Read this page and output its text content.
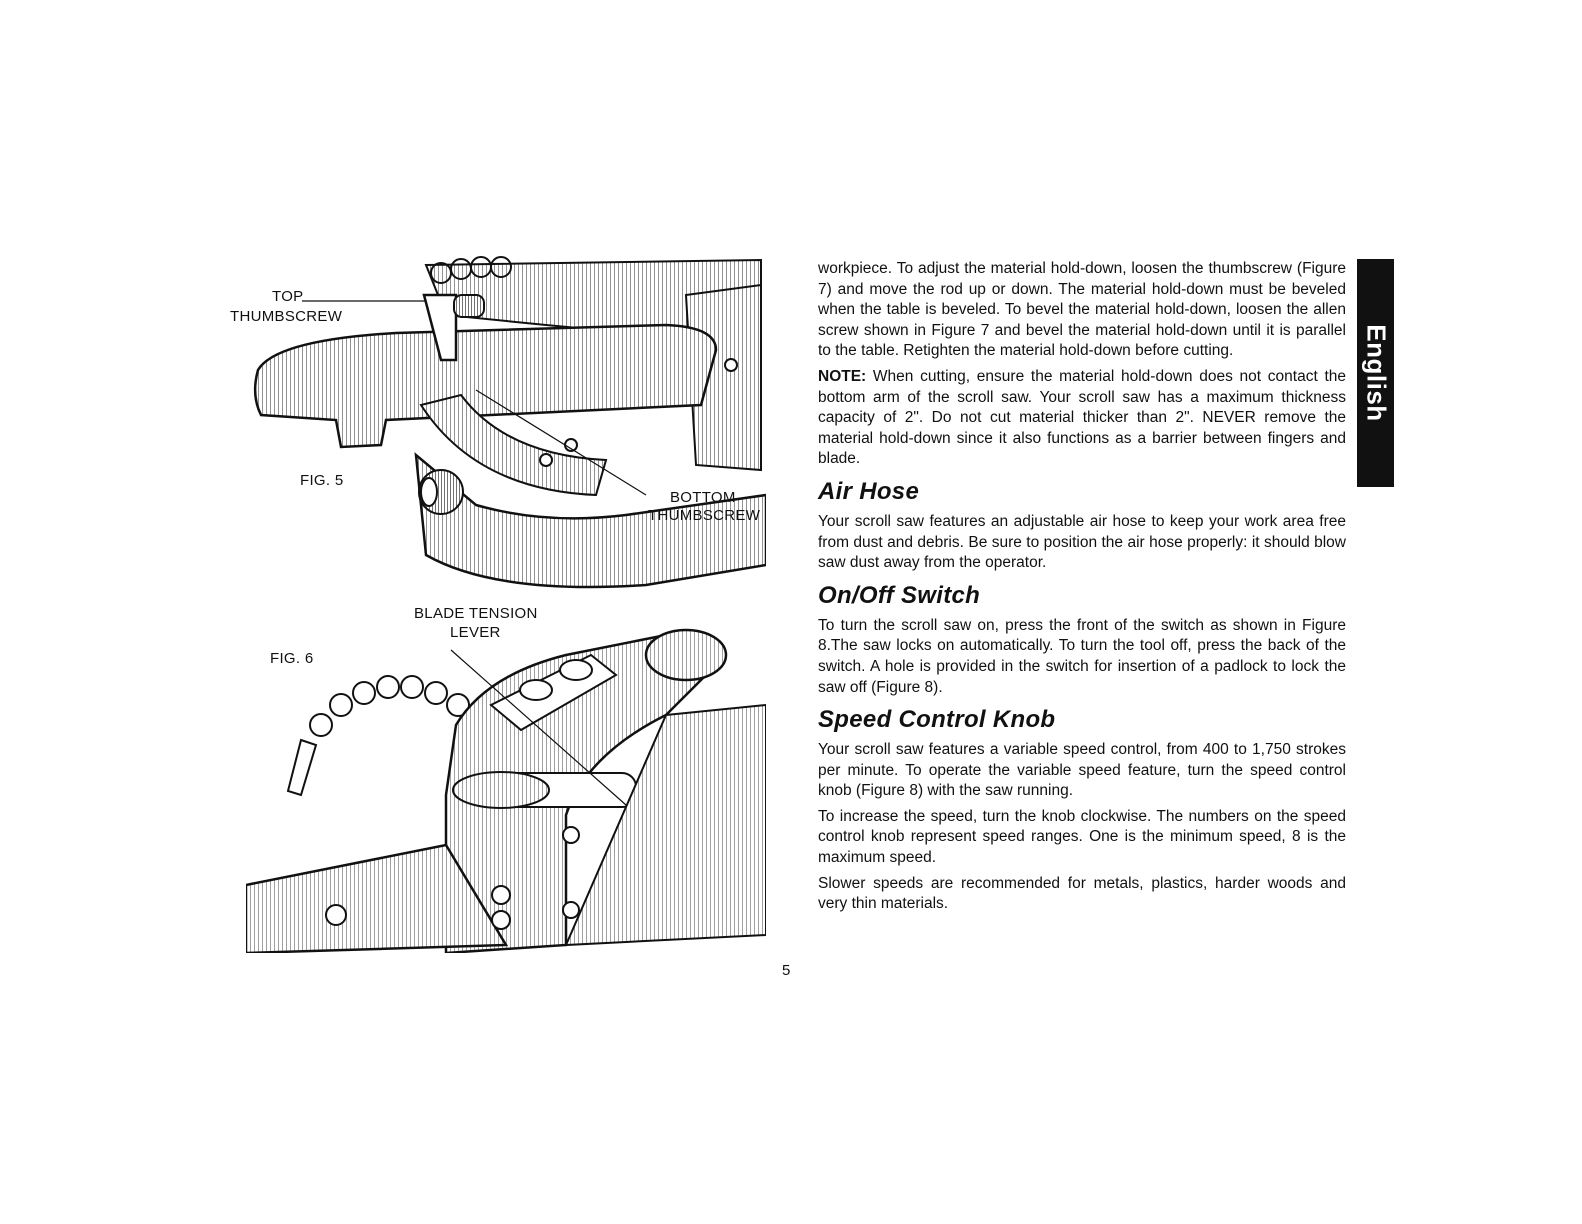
TOP
THUMBSCREW
FIG. 5
BOTTOM
THUMBSCREW
BLADE TENSION
LEVER
FIG. 6

workpiece. To adjust the material hold-down, loosen the thumbscrew (Figure 7) and move the rod up or down. The material hold-down must be beveled when the table is beveled. To bevel the material hold-down, loosen the allen screw shown in Figure 7 and bevel the material hold-down until it is parallel to the table. Retighten the material hold-down before cutting.

NOTE: When cutting, ensure the material hold-down does not contact the bottom arm of the scroll saw. Your scroll saw has a maximum thickness capacity of 2". Do not cut material thicker than 2". NEVER remove the material hold-down since it also functions as a barrier between fingers and blade.

Air Hose

Your scroll saw features an adjustable air hose to keep your work area free from dust and debris. Be sure to position the air hose properly: it should blow saw dust away from the operator.

On/Off Switch

To turn the scroll saw on, press the front of the switch as shown in Figure 8.The saw locks on automatically. To turn the tool off, press the back of the switch. A hole is provided in the switch for insertion of a padlock to lock the saw off (Figure 8).

Speed Control Knob

Your scroll saw features a variable speed control, from 400 to 1,750 strokes per minute. To operate the variable speed feature, turn the speed control knob (Figure 8) with the saw running.

To increase the speed, turn the knob clockwise. The numbers on the speed control knob represent speed ranges. One is the minimum speed, 8 is the maximum speed.

Slower speeds are recommended for metals, plastics, harder woods and very thin materials.

English
5
